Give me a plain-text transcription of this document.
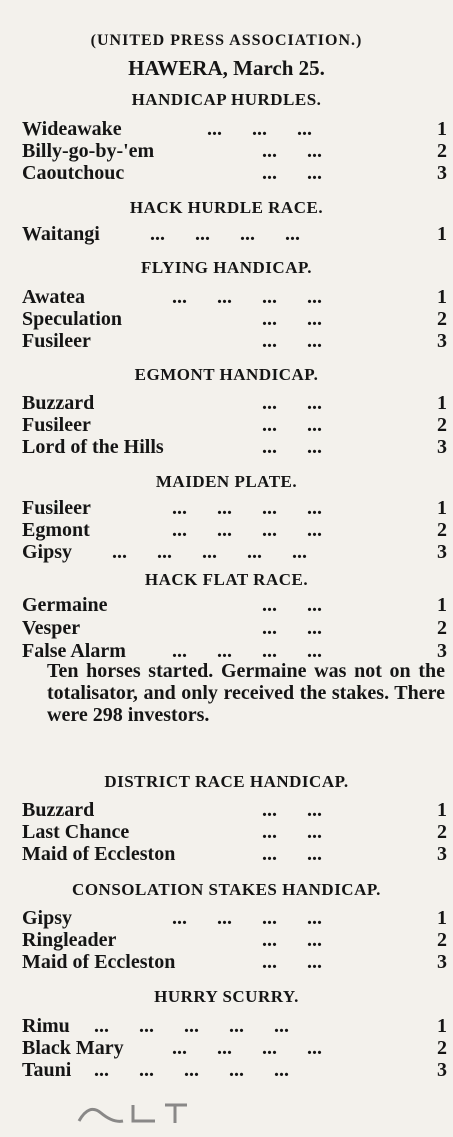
(UNITED PRESS ASSOCIATION.)
HAWERA, March 25.
HANDICAP HURDLES.
Wideawake	...      ...      ...	1
Billy-go-by-'em	...      ...	2
Caoutchouc	...      ...	3
HACK HURDLE RACE.
Waitangi	...      ...      ...      ...	1
FLYING HANDICAP.
Awatea	...      ...      ...      ...	1
Speculation	...      ...	2
Fusileer	...      ...	3
EGMONT HANDICAP.
Buzzard	...      ...	1
Fusileer	...      ...	2
Lord of the Hills	...      ...	3
MAIDEN PLATE.
Fusileer	...      ...      ...      ...	1
Egmont	...      ...      ...      ...	2
Gipsy ...      ...      ...      ...      ...	3
HACK FLAT RACE.
Germaine	...      ...	1
Vesper	...      ...	2
False Alarm ...      ...      ...      ...	3
Ten horses started. Germaine was not on the totalisator, and only received the stakes. There were 298 investors.
DISTRICT RACE HANDICAP.
Buzzard	...      ...	1
Last Chance	...      ...	2
Maid of Eccleston	...      ...	3
CONSOLATION STAKES HANDICAP.
Gipsy	...      ...      ...      ...	1
Ringleader	...      ...	2
Maid of Eccleston	...      ...	3
HURRY SCURRY.
Rimu ...      ...      ...      ...      ...	1
Black Mary ...      ...      ...      ...	2
Tauni ...      ...      ...      ...      ...	3
